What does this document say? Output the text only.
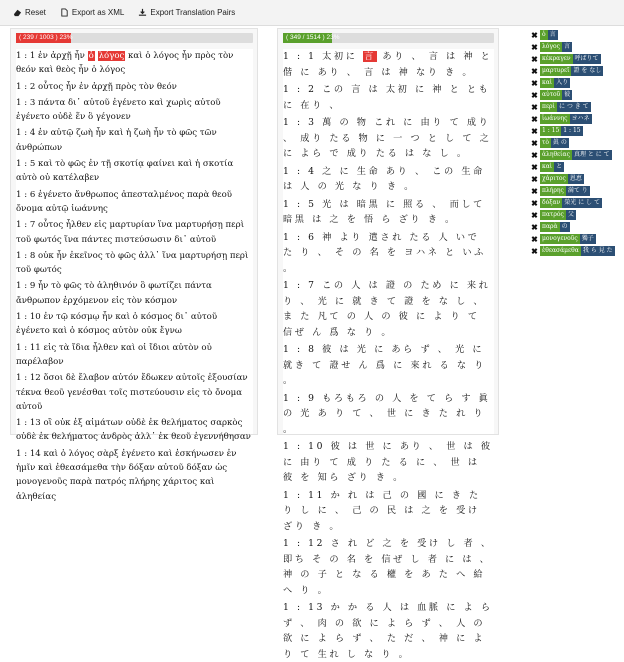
Reset	Export as XML	Export Translation Pairs
( 239 / 1003 ) 23%

1 : 1 ἐν ἀρχῇ ἦν ὁ λόγος καὶ ὁ λόγος ἦν πρὸς τὸν θεόν καὶ θεὸς ἦν ὁ λόγος

1 : 2 οὗτος ἦν ἐν ἀρχῇ πρὸς τὸν θεόν

1 : 3 πάντα δι᾽ αὐτοῦ ἐγένετο καὶ χωρὶς αὐτοῦ ἐγένετο οὐδὲ ἕν ὃ γέγονεν

1 : 4 ἐν αὐτῷ ζωὴ ἦν καὶ ἡ ζωὴ ἦν τὸ φῶς τῶν ἀνθρώπων

1 : 5 καὶ τὸ φῶς ἐν τῇ σκοτίᾳ φαίνει καὶ ἡ σκοτία αὐτὸ οὐ κατέλαβεν

1 : 6 ἐγένετο ἄνθρωπος ἀπεσταλμένος παρὰ θεοῦ ὄνομα αὐτῷ ἰωάννης

1 : 7 οὗτος ἦλθεν εἰς μαρτυρίαν ἵνα μαρτυρήσῃ περὶ τοῦ φωτός ἵνα πάντες πιστεύσωσιν δι᾽ αὐτοῦ

1 : 8 οὐκ ἦν ἐκεῖνος τὸ φῶς ἀλλ᾽ ἵνα μαρτυρήσῃ περὶ τοῦ φωτός

1 : 9 ἦν τὸ φῶς τὸ ἀληθινόν ὃ φωτίζει πάντα ἄνθρωπον ἐρχόμενον εἰς τὸν κόσμον

1 : 10 ἐν τῷ κόσμῳ ἦν καὶ ὁ κόσμος δι᾽ αὐτοῦ ἐγένετο καὶ ὁ κόσμος αὐτὸν οὐκ ἔγνω

1 : 11 εἰς τὰ ἴδια ἦλθεν καὶ οἱ ἴδιοι αὐτὸν οὐ παρέλαβον

1 : 12 ὅσοι δὲ ἔλαβον αὐτόν ἔδωκεν αὐτοῖς ἐξουσίαν τέκνα θεοῦ γενέσθαι τοῖς πιστεύουσιν εἰς τὸ ὄνομα αὐτοῦ

1 : 13 οἳ οὐκ ἐξ αἱμάτων οὐδὲ ἐκ θελήματος σαρκὸς οὐδὲ ἐκ θελήματος ἀνδρὸς ἀλλ᾽ ἐκ θεοῦ ἐγεννήθησαν

1 : 14 καὶ ὁ λόγος σὰρξ ἐγένετο καὶ ἐσκήνωσεν ἐν ἡμῖν καὶ ἐθεασάμεθα τὴν δόξαν αὐτοῦ δόξαν ὡς μονογενοῦς παρὰ πατρός πλήρης χάριτος καὶ ἀληθείας

( 349 / 1514 ) 23%

1 : 1 太初に 言 あり 、 言 は 神 と 偕 に あり 、 言 は 神 なり き 。

1 : 2 この 言 は 太初 に 神 と とも に 在り 、

1 : 3 萬 の 物 これ に 由り て 成り 、 成り たる 物 に 一 つ と し て 之 に よら で 成り たる は な し 。

1 : 4 之 に 生命 あり 、 この 生命 は 人 の 光 な り き 。

1 : 5 光 は 暗黒 に 照る 、 而して 暗黒 は 之 を 悟 ら ざり き 。

1 : 6 神 より 遣され たる 人 いで た り 、 そ の 名 を ヨハネ と いふ 。

1 : 7 この 人 は 證 の ため に 来れ り 、 光 に 就 き て 證 を な し 、 ま た 凡て の 人 の 彼 に よ り て 信ぜ ん 爲 な り 。

1 : 8 彼 は 光 に あら ず 、 光 に 就き て 證せ ん 爲 に 來れ る な り 。

1 : 9 もろもろ の 人 を て ら す 眞 の 光 あ り て 、 世 に き た れ り 。

1 : 10 彼 は 世 に あり 、 世 は 彼 に 由り て 成 り た る に 、 世 は 彼 を 知ら ざり き 。

1 : 11 か れ は 己 の 國 に き た り し に 、 己 の 民 は 之 を 受け ざり き 。

1 : 12 さ れ ど 之 を 受け し 者 、 即ち そ の 名 を 信ぜ し 者 に は 、 神 の 子 と な る 權 を あ た へ 給へ り 。

1 : 13 か か る 人 は 血脈 に よ ら ず 、 肉 の 欲 に よ ら ず 、 人 の 欲 に よ ら ず 、 た だ 、 神 に よ り て 生れ し な り 。

✖ ὁ 言
✖ λόγος 言
✖ κέκραγεν 呼ばりて
✖ μαρτυρεῖ 證 を なし
✖ καὶ 入り
✖ αὐτοῦ 彼
✖ περὶ に つ き て
✖ ἰωάννης ヨハネ
✖ 1 : 15 1 : 15
✖ τὸ 眞 の
✖ ἀληθείας 真理 と に て
✖ καὶ と
✖ χάριτος 恩恵
✖ πλήρης 満て り
✖ δόξαν 榮光 に し て
✖ πατρός 父
✖ παρὰ の
✖ μονογενοῦς 獨子
✖ ἐθεασάμεθα 我 ら 見 た
